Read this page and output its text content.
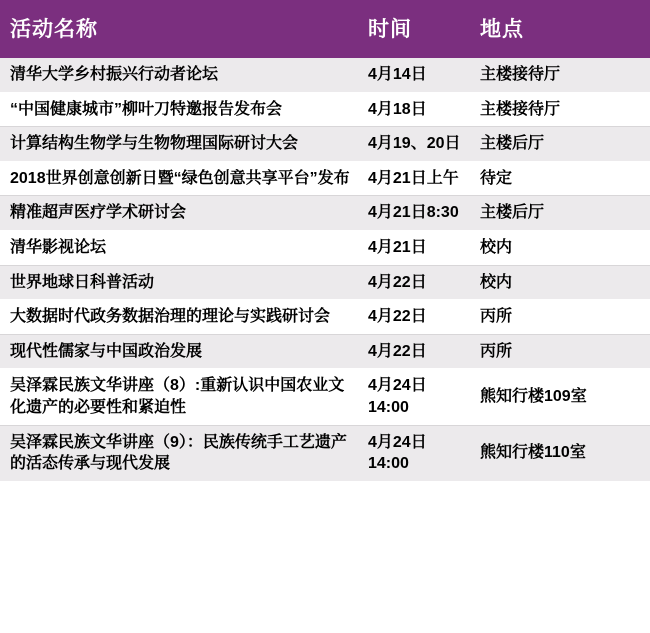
活动名称	时间	地点
清华大学乡村振兴行动者论坛	4月14日	主楼接待厅
“中国健康城市”柳叶刀特邀报告发布会	4月18日	主楼接待厅
计算结构生物学与生物物理国际研讨大会	4月19、20日	主楼后厅
2018世界创意创新日暨“绿色创意共享平台”发布	4月21日上午	待定
精准超声医疗学术研讨会	4月21日8:30	主楼后厅
清华影视论坛	4月21日	校内
世界地球日科普活动	4月22日	校内
大数据时代政务数据治理的理论与实践研讨会	4月22日	丙所
现代性儒家与中国政治发展	4月22日	丙所
吴泽霖民族文华讲座（8）:重新认识中国农业文化遗产的必要性和紧迫性	4月24日14:00	熊知行楼109室
吴泽霖民族文华讲座（9）：民族传统手工艺遗产的活态传承与现代发展	4月24日14:00	熊知行楼110室
